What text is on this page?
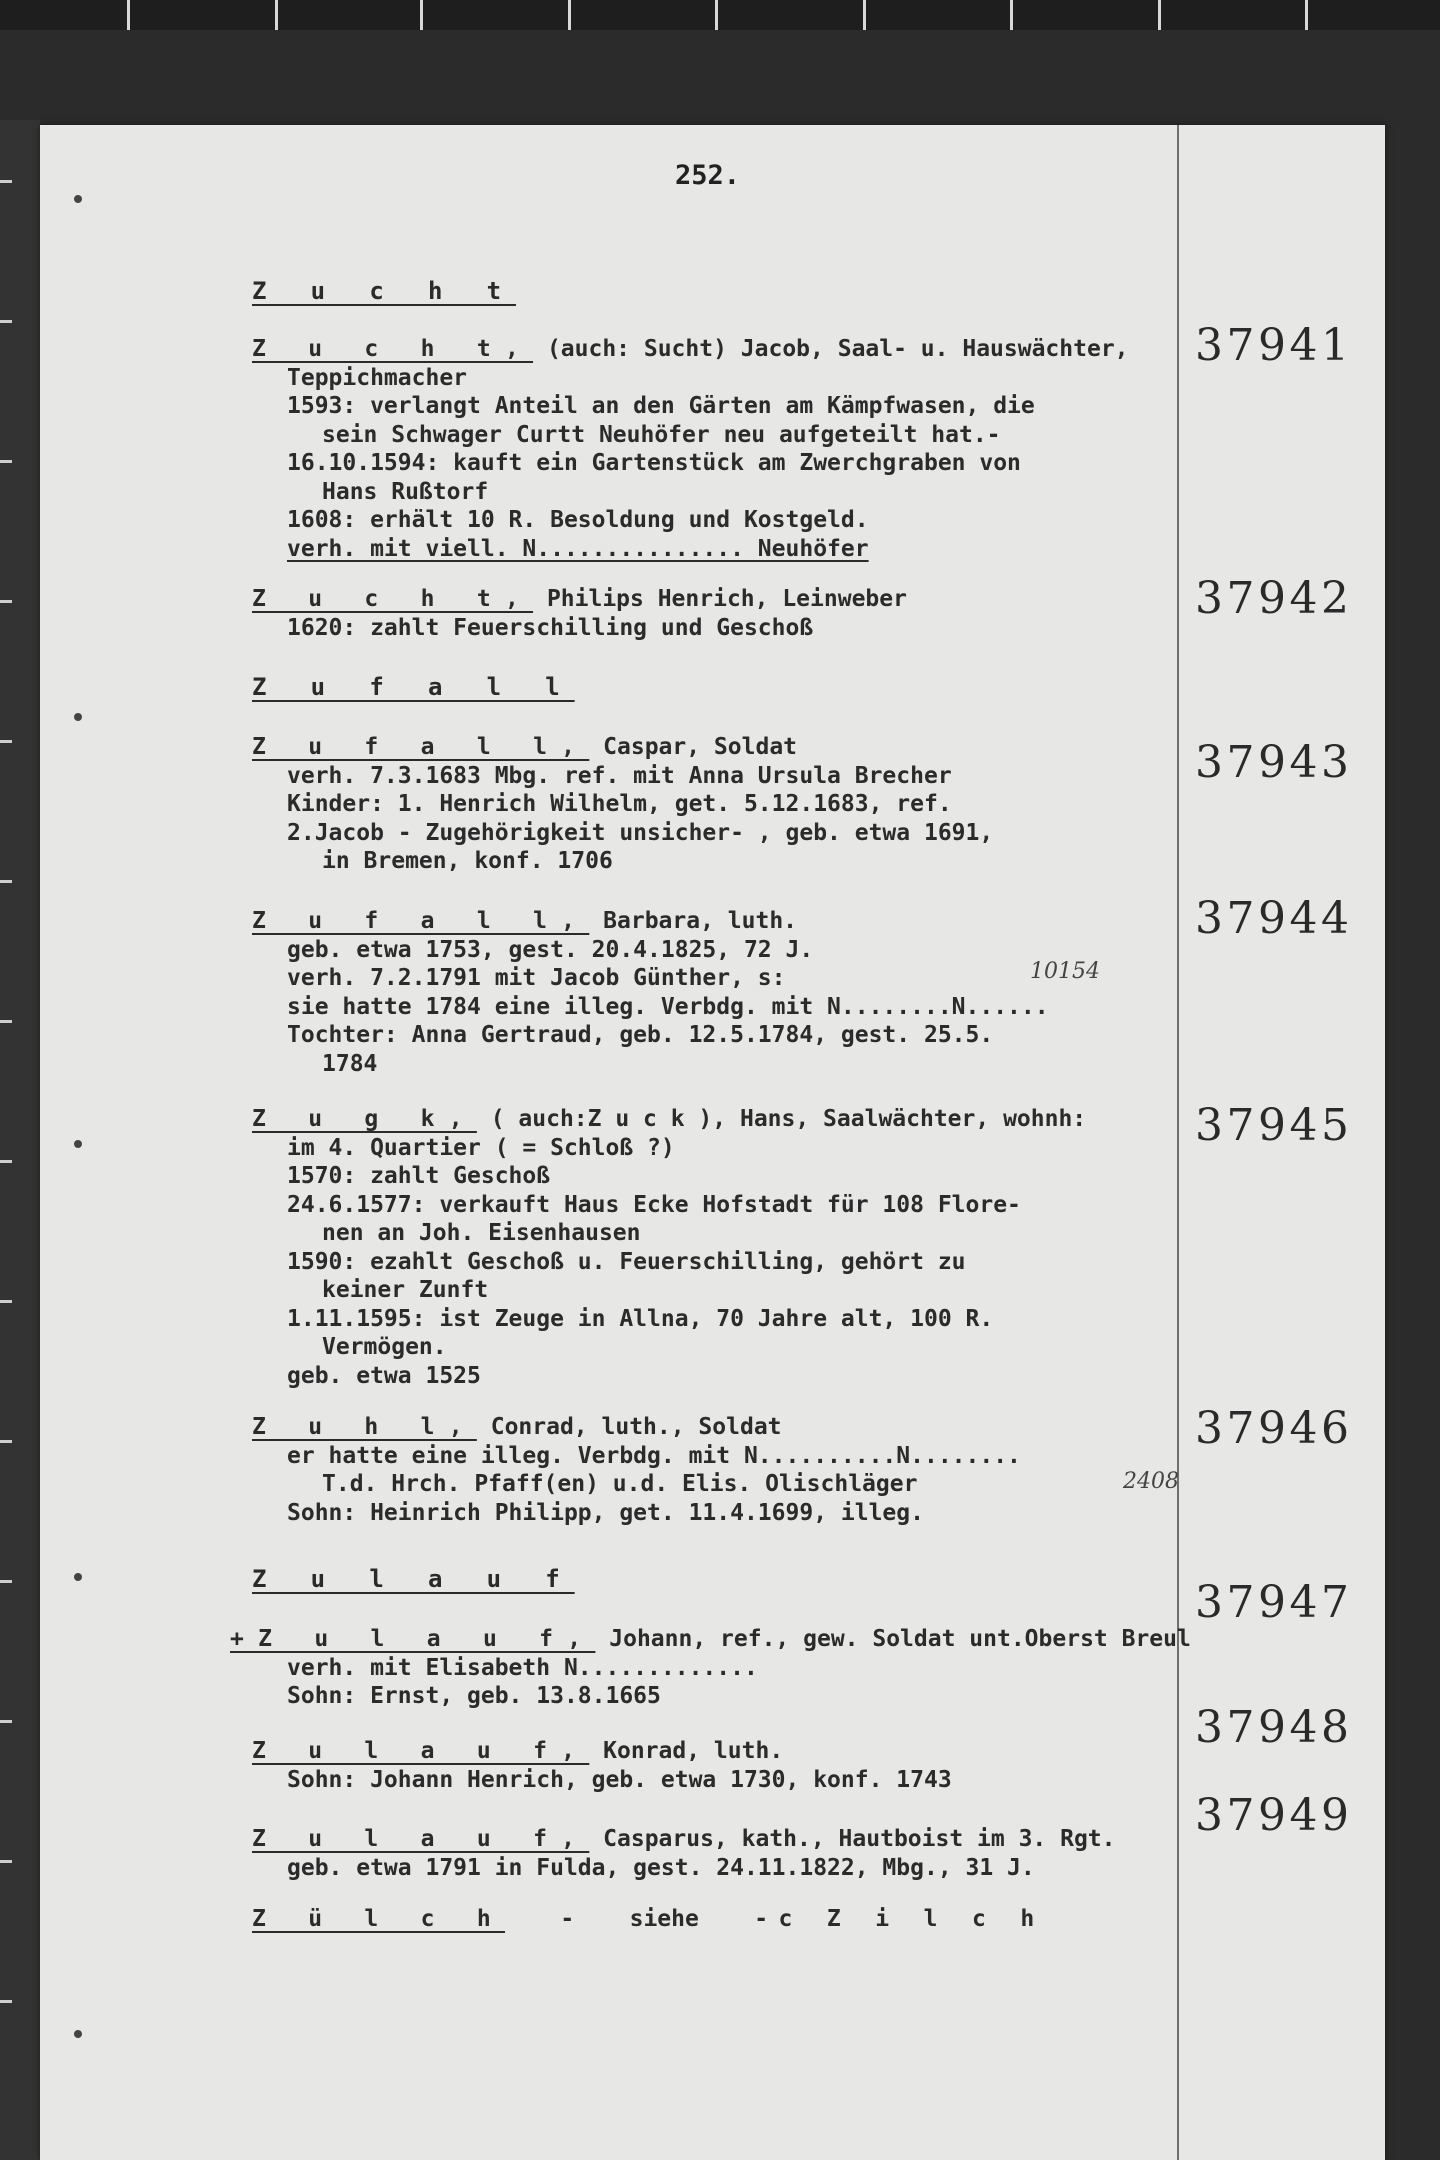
252.
Z u c h t
Z u c h t, (auch: Sucht) Jacob, Saal- u. Hauswächter,
Teppichmacher
1593: verlangt Anteil an den Gärten am Kämpfwasen, die
sein Schwager Curtt Neuhöfer neu aufgeteilt hat.-
16.10.1594: kauft ein Gartenstück am Zwerchgraben von
Hans Rußtorf
1608: erhält 10 R. Besoldung und Kostgeld.
verh. mit viell. N............... Neuhöfer
37941
Z u c h t, Philips Henrich, Leinweber
1620: zahlt Feuerschilling und Geschoß
37942
Z u f a l l
Z u f a l l, Caspar, Soldat
verh. 7.3.1683 Mbg. ref. mit Anna Ursula Brecher
Kinder: 1. Henrich Wilhelm, get. 5.12.1683, ref.
2.Jacob - Zugehörigkeit unsicher- , geb. etwa 1691,
in Bremen, konf. 1706
37943
Z u f a l l, Barbara, luth.
geb. etwa 1753, gest. 20.4.1825, 72 J.
verh. 7.2.1791 mit Jacob Günther, s:
sie hatte 1784 eine illeg. Verbdg. mit N........N......
Tochter: Anna Gertraud, geb. 12.5.1784, gest. 25.5.
1784
37944
10154
Z u g k, ( auch:Z u c k ), Hans, Saalwächter, wohnh:
im 4. Quartier ( = Schloß ?)
1570: zahlt Geschoß
24.6.1577: verkauft Haus Ecke Hofstadt für 108 Flore-
nen an Joh. Eisenhausen
1590: ezahlt Geschoß u. Feuerschilling, gehört zu
keiner Zunft
1.11.1595: ist Zeuge in Allna, 70 Jahre alt, 100 R.
Vermögen.
geb. etwa 1525
37945
Z u h l, Conrad, luth., Soldat
er hatte eine illeg. Verbdg. mit N..........N........
T.d. Hrch. Pfaff(en) u.d. Elis. Olischläger
Sohn: Heinrich Philipp, get. 11.4.1699, illeg.
37946
2408
Z u l a u f
+Z u l a u f, Johann, ref., gew. Soldat unt.Oberst Breul
verh. mit Elisabeth N.............
Sohn: Ernst, geb. 13.8.1665
37947
Z u l a u f, Konrad, luth.
Sohn: Johann Henrich, geb. etwa 1730, konf. 1743
37948
Z u l a u f, Casparus, kath., Hautboist im 3. Rgt.
geb. etwa 1791 in Fulda, gest. 24.11.1822, Mbg., 31 J.
37949
Z ü l c h - siehe -c Z i l c h
